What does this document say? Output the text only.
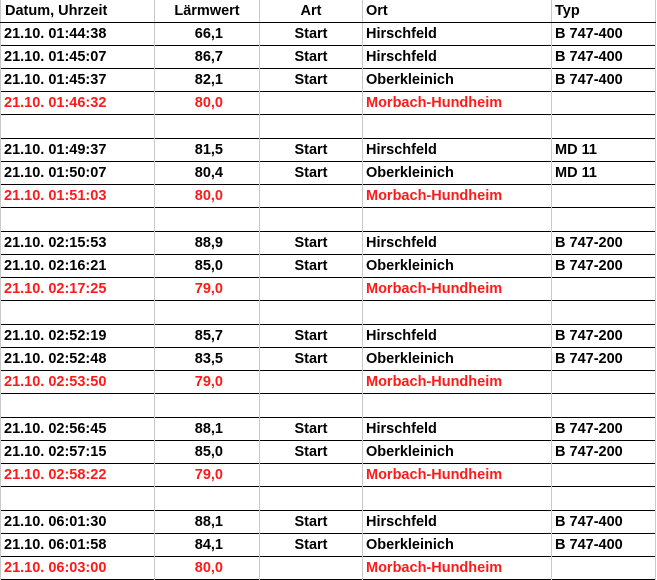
Datum, Uhrzeit	Lärmwert	Art	Ort	Typ
21.10. 01:44:38	66,1	Start	Hirschfeld	B 747-400
21.10. 01:45:07	86,7	Start	Hirschfeld	B 747-400
21.10. 01:45:37	82,1	Start	Oberkleinich	B 747-400
21.10. 01:46:32	80,0		Morbach-Hundheim	

21.10. 01:49:37	81,5	Start	Hirschfeld	MD 11
21.10. 01:50:07	80,4	Start	Oberkleinich	MD 11
21.10. 01:51:03	80,0		Morbach-Hundheim	

21.10. 02:15:53	88,9	Start	Hirschfeld	B 747-200
21.10. 02:16:21	85,0	Start	Oberkleinich	B 747-200
21.10. 02:17:25	79,0		Morbach-Hundheim	

21.10. 02:52:19	85,7	Start	Hirschfeld	B 747-200
21.10. 02:52:48	83,5	Start	Oberkleinich	B 747-200
21.10. 02:53:50	79,0		Morbach-Hundheim	

21.10. 02:56:45	88,1	Start	Hirschfeld	B 747-200
21.10. 02:57:15	85,0	Start	Oberkleinich	B 747-200
21.10. 02:58:22	79,0		Morbach-Hundheim	

21.10. 06:01:30	88,1	Start	Hirschfeld	B 747-400
21.10. 06:01:58	84,1	Start	Oberkleinich	B 747-400
21.10. 06:03:00	80,0		Morbach-Hundheim	
